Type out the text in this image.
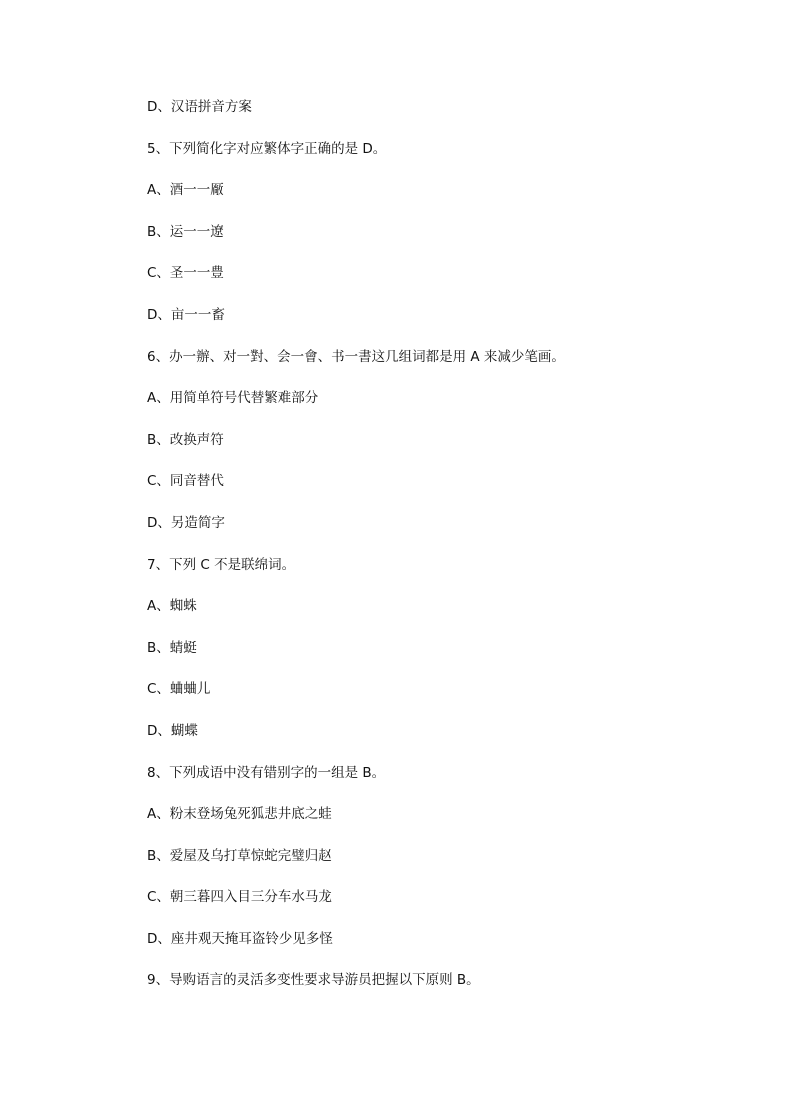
D、汉语拼音方案
5、下列简化字对应繁体字正确的是 D。
A、酒一一厰
B、运一一遼
C、圣一一豊
D、亩一一畜
6、办一辦、对一對、会一會、书一書这几组词都是用 A 来减少笔画。
A、用简单符号代替繁难部分
B、改换声符
C、同音替代
D、另造简字
7、下列 C 不是联绵词。
A、蜘蛛
B、蜻蜓
C、蛐蛐儿
D、蝴蝶
8、下列成语中没有错别字的一组是 B。
A、粉末登场兔死狐悲井底之蛙
B、爱屋及乌打草惊蛇完璧归赵
C、朝三暮四入目三分车水马龙
D、座井观天掩耳盗铃少见多怪
9、导购语言的灵活多变性要求导游员把握以下原则 B。
